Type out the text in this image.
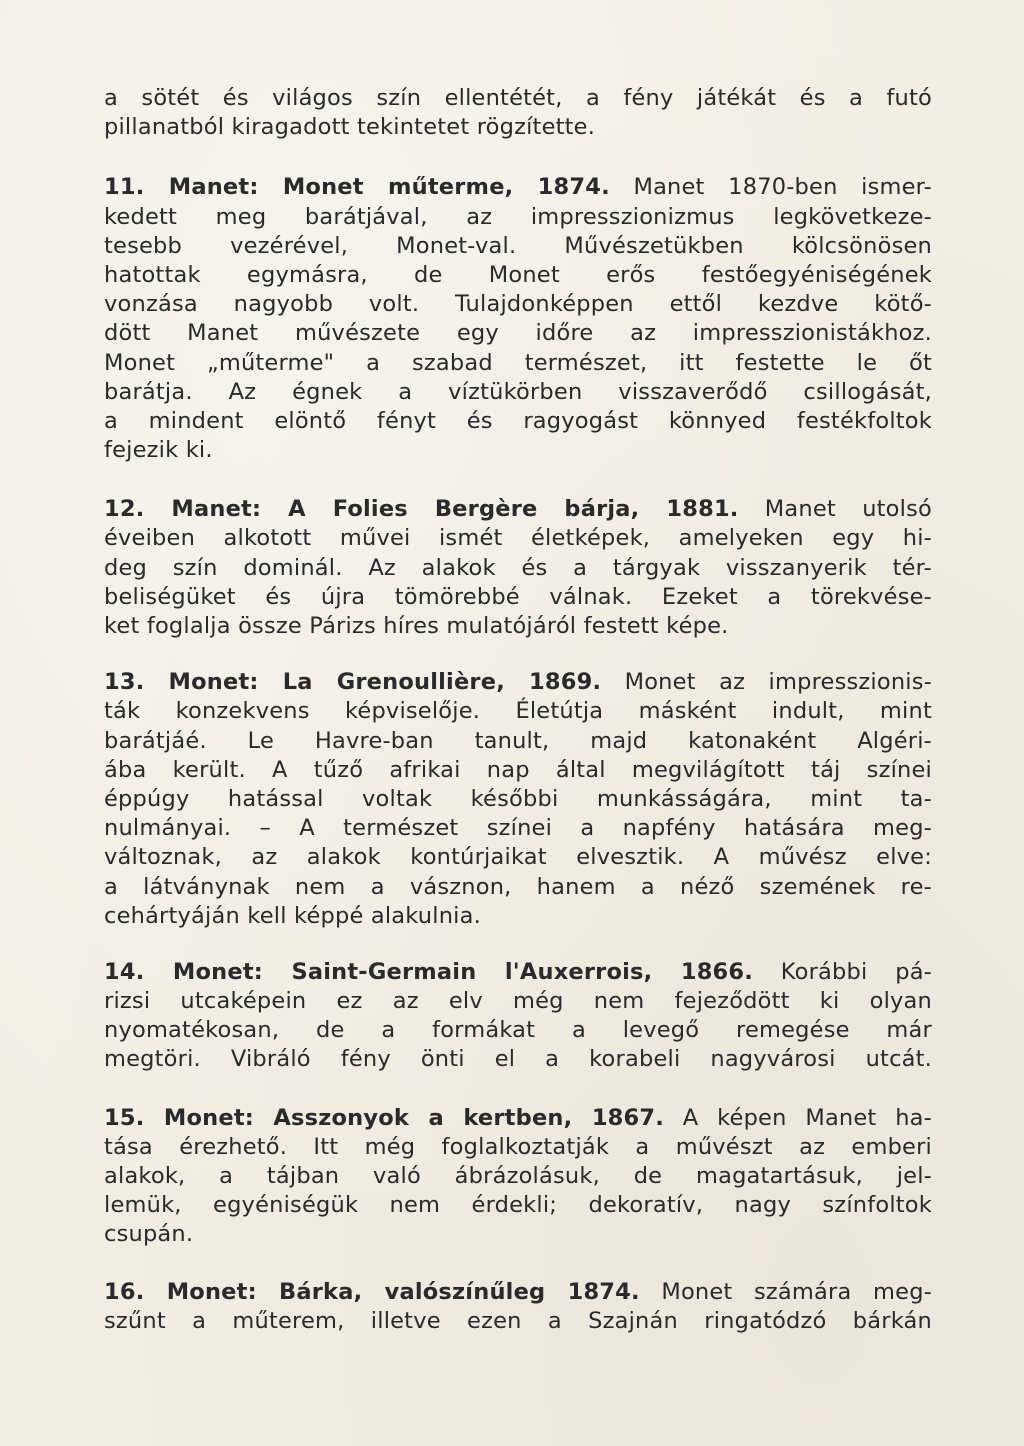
a sötét és világos szín ellentétét, a fény játékát és a futó
pillanatból kiragadott tekintetet rögzítette.
11. Manet: Monet műterme, 1874. Manet 1870-ben ismer-
kedett meg barátjával, az impresszionizmus legkövetkeze-
tesebb vezérével, Monet-val. Művészetükben kölcsönösen
hatottak egymásra, de Monet erős festőegyéniségének
vonzása nagyobb volt. Tulajdonképpen ettől kezdve kötő-
dött Manet művészete egy időre az impresszionistákhoz.
Monet „műterme" a szabad természet, itt festette le őt
barátja. Az égnek a víztükörben visszaverődő csillogását,
a mindent elöntő fényt és ragyogást könnyed festékfoltok
fejezik ki.
12. Manet: A Folies Bergère bárja, 1881. Manet utolsó
éveiben alkotott művei ismét életképek, amelyeken egy hi-
deg szín dominál. Az alakok és a tárgyak visszanyerik tér-
beliségüket és újra tömörebbé válnak. Ezeket a törekvése-
ket foglalja össze Párizs híres mulatójáról festett képe.
13. Monet: La Grenoullière, 1869. Monet az impresszionis-
ták konzekvens képviselője. Életútja másként indult, mint
barátjáé. Le Havre-ban tanult, majd katonaként Algéri-
ába került. A tűző afrikai nap által megvilágított táj színei
éppúgy hatással voltak későbbi munkásságára, mint ta-
nulmányai. – A természet színei a napfény hatására meg-
változnak, az alakok kontúrjaikat elvesztik. A művész elve:
a látványnak nem a vásznon, hanem a néző szemének re-
cehártyáján kell képpé alakulnia.
14. Monet: Saint-Germain l'Auxerrois, 1866. Korábbi pá-
rizsi utcaképein ez az elv még nem fejeződött ki olyan
nyomatékosan, de a formákat a levegő remegése már
megtöri. Vibráló fény önti el a korabeli nagyvárosi utcát.
15. Monet: Asszonyok a kertben, 1867. A képen Manet ha-
tása érezhető. Itt még foglalkoztatják a művészt az emberi
alakok, a tájban való ábrázolásuk, de magatartásuk, jel-
lemük, egyéniségük nem érdekli; dekoratív, nagy színfoltok
csupán.
16. Monet: Bárka, valószínűleg 1874. Monet számára meg-
szűnt a műterem, illetve ezen a Szajnán ringatódzó bárkán
